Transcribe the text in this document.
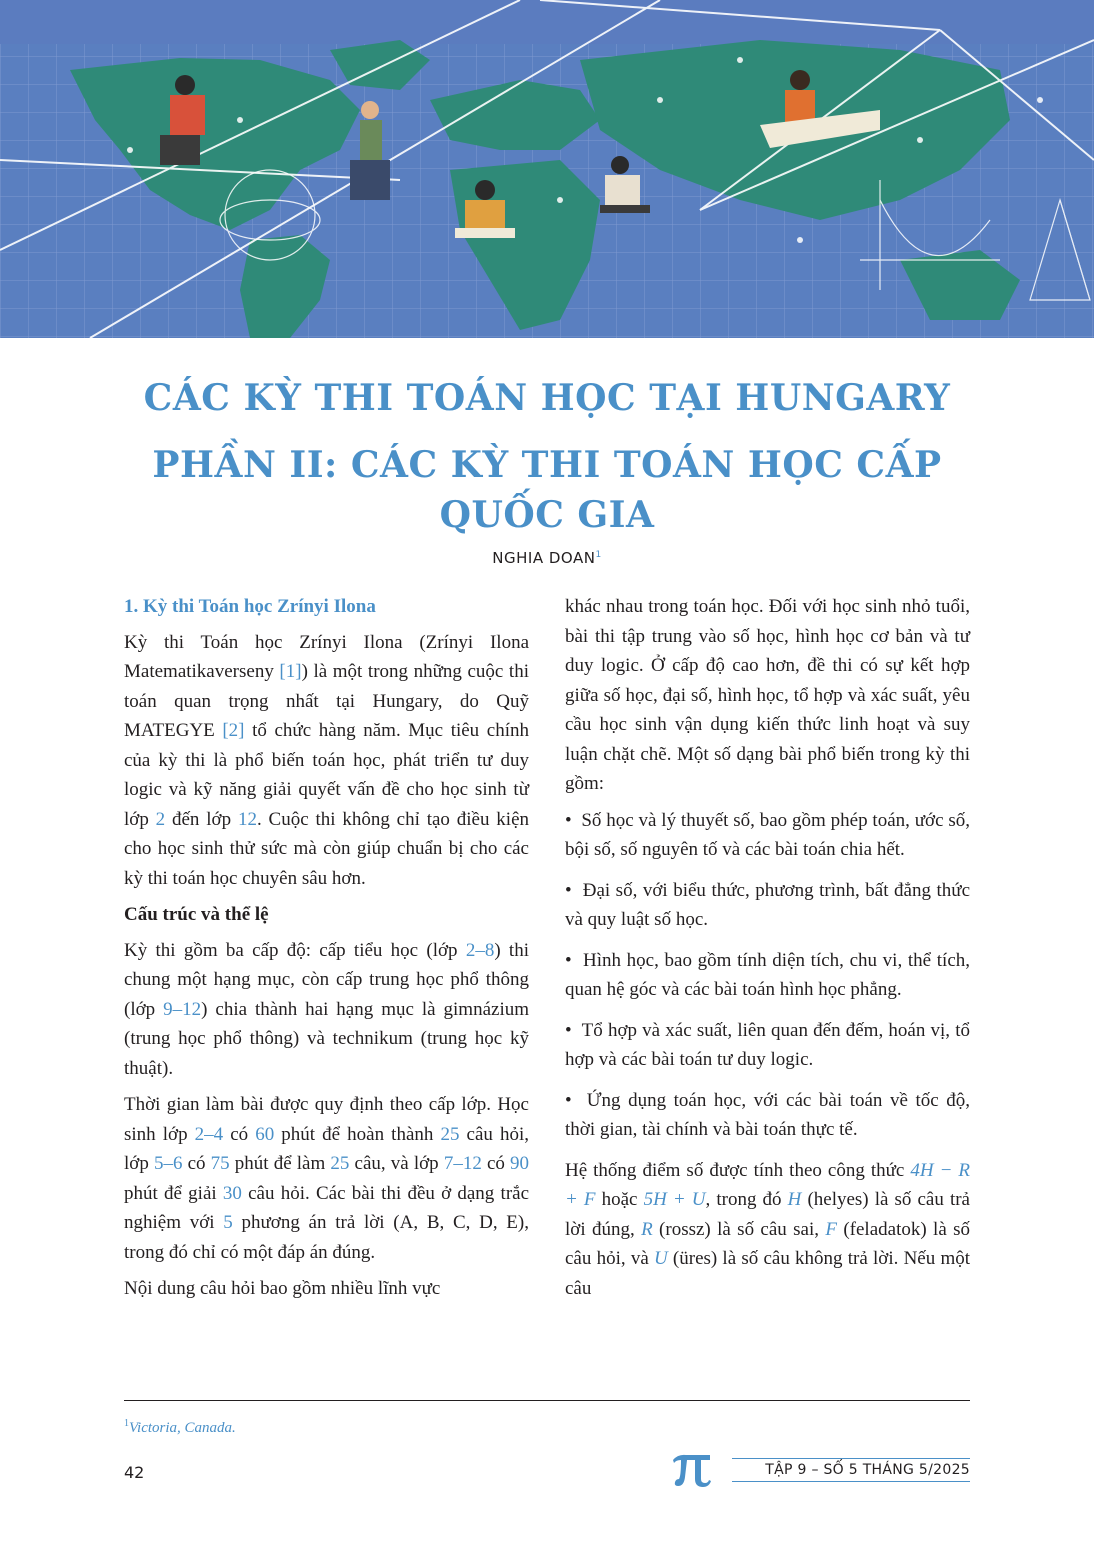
CÁC KỲ THI TOÁN HỌC TẠI HUNGARY
PHẦN II: CÁC KỲ THI TOÁN HỌC CẤP
QUỐC GIA
NGHIA DOAN$^1$
1. Kỳ thi Toán học Zrínyi Ilona

Kỳ thi Toán học Zrínyi Ilona (Zrínyi Ilona Matematikaverseny [1]) là một trong những cuộc thi toán quan trọng nhất tại Hungary, do Quỹ MATEGYE [2] tổ chức hàng năm. Mục tiêu chính của kỳ thi là phổ biến toán học, phát triển tư duy logic và kỹ năng giải quyết vấn đề cho học sinh từ lớp 2 đến lớp 12. Cuộc thi không chỉ tạo điều kiện cho học sinh thử sức mà còn giúp chuẩn bị cho các kỳ thi toán học chuyên sâu hơn.

Cấu trúc và thể lệ

Kỳ thi gồm ba cấp độ: cấp tiểu học (lớp 2–8) thi chung một hạng mục, còn cấp trung học phổ thông (lớp 9–12) chia thành hai hạng mục là gimnázium (trung học phổ thông) và technikum (trung học kỹ thuật).

Thời gian làm bài được quy định theo cấp lớp. Học sinh lớp 2–4 có 60 phút để hoàn thành 25 câu hỏi, lớp 5–6 có 75 phút để làm 25 câu, và lớp 7–12 có 90 phút để giải 30 câu hỏi. Các bài thi đều ở dạng trắc nghiệm với 5 phương án trả lời (A, B, C, D, E), trong đó chỉ có một đáp án đúng.

Nội dung câu hỏi bao gồm nhiều lĩnh vực

khác nhau trong toán học. Đối với học sinh nhỏ tuổi, bài thi tập trung vào số học, hình học cơ bản và tư duy logic. Ở cấp độ cao hơn, đề thi có sự kết hợp giữa số học, đại số, hình học, tổ hợp và xác suất, yêu cầu học sinh vận dụng kiến thức linh hoạt và suy luận chặt chẽ. Một số dạng bài phổ biến trong kỳ thi gồm:

• Số học và lý thuyết số, bao gồm phép toán, ước số, bội số, số nguyên tố và các bài toán chia hết.

• Đại số, với biểu thức, phương trình, bất đẳng thức và quy luật số học.

• Hình học, bao gồm tính diện tích, chu vi, thể tích, quan hệ góc và các bài toán hình học phẳng.

• Tổ hợp và xác suất, liên quan đến đếm, hoán vị, tổ hợp và các bài toán tư duy logic.

• Ứng dụng toán học, với các bài toán về tốc độ, thời gian, tài chính và bài toán thực tế.

Hệ thống điểm số được tính theo công thức 4H − R + F hoặc 5H + U, trong đó H (helyes) là số câu trả lời đúng, R (rossz) là số câu sai, F (feladatok) là số câu hỏi, và U (üres) là số câu không trả lời. Nếu một câu

$^1$Victoria, Canada.
42	TẬP 9 – SỐ 5 THÁNG 5/2025
